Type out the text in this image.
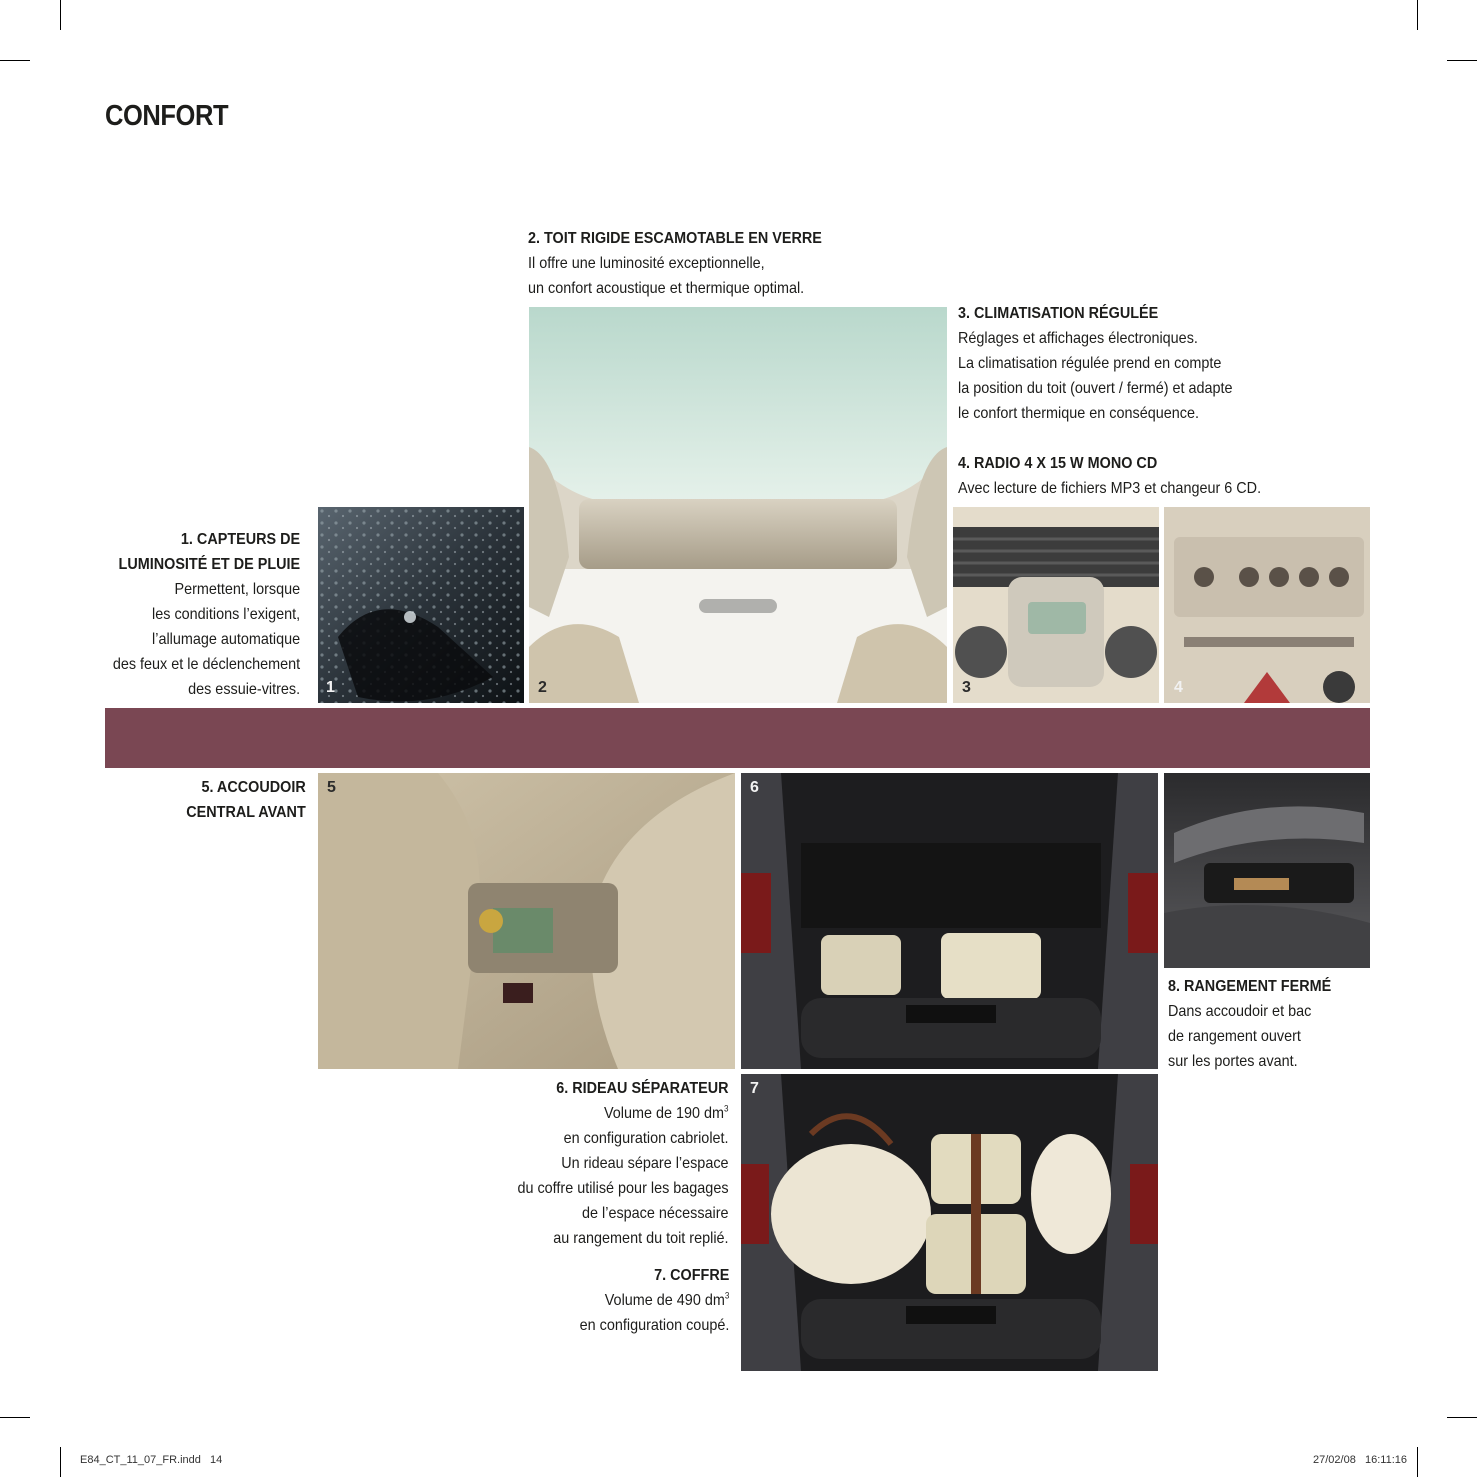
CONFORT
2. TOIT RIGIDE ESCAMOTABLE EN VERRE
Il offre une luminosité exceptionnelle,
un confort acoustique et thermique optimal.
3. CLIMATISATION RÉGULÉE
Réglages et affichages électroniques.
La climatisation régulée prend en compte
la position du toit (ouvert / fermé) et adapte
le confort thermique en conséquence.
4. RADIO 4 X 15 W MONO CD
Avec lecture de fichiers MP3 et changeur 6 CD.
1. CAPTEURS DE
LUMINOSITÉ ET DE PLUIE
Permettent, lorsque
les conditions l’exigent,
l’allumage automatique
des feux et le déclenchement
des essuie-vitres. 1	2	3	4
5. ACCOUDOIR
CENTRAL AVANT
5	6
8. RANGEMENT FERMÉ
Dans accoudoir et bac
de rangement ouvert
sur les portes avant.
6. RIDEAU SÉPARATEUR
Volume de 190 $dm^3$
en configuration cabriolet.
Un rideau sépare l’espace
du coffre utilisé pour les bagages
de l’espace nécessaire
au rangement du toit replié.
7. COFFRE
Volume de 490 $dm^3$
en configuration coupé.
7
E84_CT_11_07_FR.indd   14	27/02/08   16:11:16
